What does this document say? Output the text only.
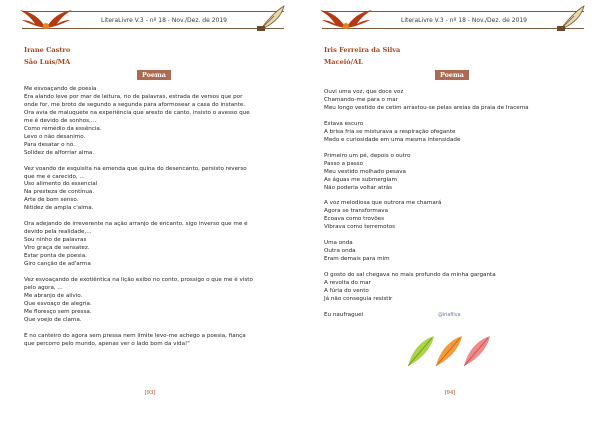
LiteraLivre V.3 - nº 18 - Nov./Dez. de 2019
Irane Castro
São Luís/MA
Poema
Me esvoaçando de poesia
Era alando leve por mar de leitura, rio de palavras, estrada de versos que por
onde for, me broto de segundo a segunda para aformosear a casa do instante.
Ora avia de maluquete na experiência que aresto de canto, insisto o avesso que
me é devido de sonhos,...
Como remédio da essência.
Levo o não desanimo.
Para desatar o nó.
Solidez de alforriar alma.
Vez voando de esquisita na emenda que quina do desencanto, persisto reverso
que me é carecido, ...
Uso alimento do essencial
Na presteza de contínua.
Arte de bom senso.
Nitidez de ampla c'alma.
Ora adejando de irreverente na ação arranjo de encanto, sigo inverso que me é
devido pela realidade,...
Sou ninho de palavras
Viro graça de sensatez.
Estar ponta de poesia.
Giro canção de ad'arma
Vez esvoaçando de exotiêntica na lição exibo no conto, prossigo o que me é visto
pelo agora, ...
Me abranjo de alívio.
Que esvoaço de alegria.
Me floresço sem pressa.
Que voejo de clama.
E no canteiro do agora sem pressa nem limite levo-me achego a poesia, fiança
que percorro pelo mundo, apenas ver o lado bom da vida!"
[93]
LiteraLivre V.3 - nº 18 - Nov./Dez. de 2019
Iris Ferreira da Silva
Maceió/AL
Poema
Ouvi uma voz, que doce voz
Chamando-me para o mar
Meu longo vestido de cetim arrastou-se pelas areias da praia de Iracema
Estava escuro
A brisa fria se misturava a respiração ofegante
Medo e curiosidade em uma mesma intensidade
Primeiro um pé, depois o outro
Passo a passo
Meu vestido molhado pesava
As águas me submergiam
Não poderia voltar atrás
A voz melodiosa que outrora me chamará
Agora se transformava
Ecoava como trovões
Vibrava como terremotos
Uma onda
Outra onda
Eram demais para mim
O gosto do sal chegava no mais profundo da minha garganta
A revolta do mar
A fúria do vento
Já não conseguia resistir
Eu naufraguei	@iriafilva
[94]
